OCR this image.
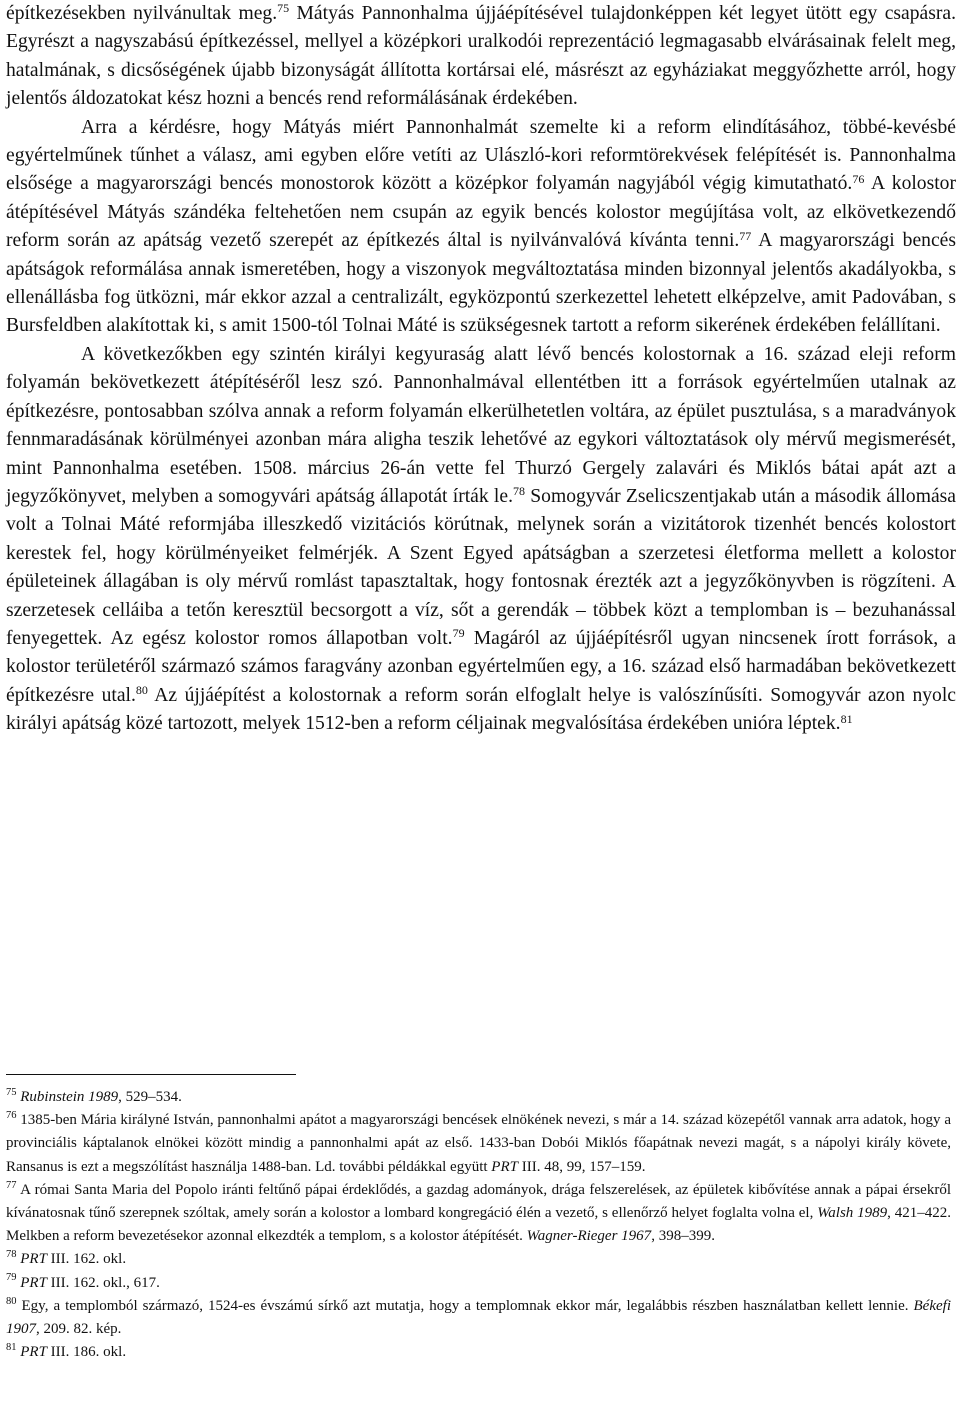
építkezésekben nyilvánultak meg.$^{75}$ Mátyás Pannonhalma újjáépítésével tulajdonképpen két legyet ütött egy csapásra. Egyrészt a nagyszabású építkezéssel, mellyel a középkori uralkodói reprezentáció legmagasabb elvárásainak felelt meg, hatalmának, s dicsőségének újabb bizonyságát állította kortársai elé, másrészt az egyháziakat meggyőzhette arról, hogy jelentős áldozatokat kész hozni a bencés rend reformálásának érdekében.

Arra a kérdésre, hogy Mátyás miért Pannonhalmát szemelte ki a reform elindításához, többé-kevésbé egyértelműnek tűnhet a válasz, ami egyben előre vetíti az Ulászló-kori reformtörekvések felépítését is. Pannonhalma elsősége a magyarországi bencés monostorok között a középkor folyamán nagyjából végig kimutatható.$^{76}$ A kolostor átépítésével Mátyás szándéka feltehetően nem csupán az egyik bencés kolostor megújítása volt, az elkövetkezendő reform során az apátság vezető szerepét az építkezés által is nyilvánvalóvá kívánta tenni.$^{77}$ A magyarországi bencés apátságok reformálása annak ismeretében, hogy a viszonyok megváltoztatása minden bizonnyal jelentős akadályokba, s ellenállásba fog ütközni, már ekkor azzal a centralizált, egyközpontú szerkezettel lehetett elképzelve, amit Padovában, s Bursfeldben alakítottak ki, s amit 1500-tól Tolnai Máté is szükségesnek tartott a reform sikerének érdekében felállítani.

A következőkben egy szintén királyi kegyuraság alatt lévő bencés kolostornak a 16. század eleji reform folyamán bekövetkezett átépítéséről lesz szó. Pannonhalmával ellentétben itt a források egyértelműen utalnak az építkezésre, pontosabban szólva annak a reform folyamán elkerülhetetlen voltára, az épület pusztulása, s a maradványok fennmaradásának körülményei azonban mára aligha teszik lehetővé az egykori változtatások oly mérvű megismerését, mint Pannonhalma esetében. 1508. március 26-án vette fel Thurzó Gergely zalavári és Miklós bátai apát azt a jegyzőkönyvet, melyben a somogyvári apátság állapotát írták le.$^{78}$ Somogyvár Zselicszentjakab után a második állomása volt a Tolnai Máté reformjába illeszkedő vizitációs körútnak, melynek során a vizitátorok tizenhét bencés kolostort kerestek fel, hogy körülményeiket felmérjék. A Szent Egyed apátságban a szerzetesi életforma mellett a kolostor épületeinek állagában is oly mérvű romlást tapasztaltak, hogy fontosnak érezték azt a jegyzőkönyvben is rögzíteni. A szerzetesek celláiba a tetőn keresztül becsorgott a víz, sőt a gerendák – többek közt a templomban is – bezuhanással fenyegettek. Az egész kolostor romos állapotban volt.$^{79}$ Magáról az újjáépítésről ugyan nincsenek írott források, a kolostor területéről származó számos faragvány azonban egyértelműen egy, a 16. század első harmadában bekövetkezett építkezésre utal.$^{80}$ Az újjáépítést a kolostornak a reform során elfoglalt helye is valószínűsíti. Somogyvár azon nyolc királyi apátság közé tartozott, melyek 1512-ben a reform céljainak megvalósítása érdekében unióra léptek.$^{81}$

$^{75}$ Rubinstein 1989, 529–534.

$^{76}$ 1385-ben Mária királyné István, pannonhalmi apátot a magyarországi bencések elnökének nevezi, s már a 14. század közepétől vannak arra adatok, hogy a provinciális káptalanok elnökei között mindig a pannonhalmi apát az első. 1433-ban Dobói Miklós főapátnak nevezi magát, s a nápolyi király követe, Ransanus is ezt a megszólítást használja 1488-ban. Ld. további példákkal együtt PRT III. 48, 99, 157–159.

$^{77}$ A római Santa Maria del Popolo iránti feltűnő pápai érdeklődés, a gazdag adományok, drága felszerelések, az épületek kibővítése annak a pápai érsekről kívánatosnak tűnő szerepnek szóltak, amely során a kolostor a lombard kongregáció élén a vezető, s ellenőrző helyet foglalta volna el, Walsh 1989, 421–422. Melkben a reform bevezetésekor azonnal elkezdték a templom, s a kolostor átépítését. Wagner-Rieger 1967, 398–399.

$^{78}$ PRT III. 162. okl.

$^{79}$ PRT III. 162. okl., 617.

$^{80}$ Egy, a templomból származó, 1524-es évszámú sírkő azt mutatja, hogy a templomnak ekkor már, legalábbis részben használatban kellett lennie. Békefi 1907, 209. 82. kép.

$^{81}$ PRT III. 186. okl.
